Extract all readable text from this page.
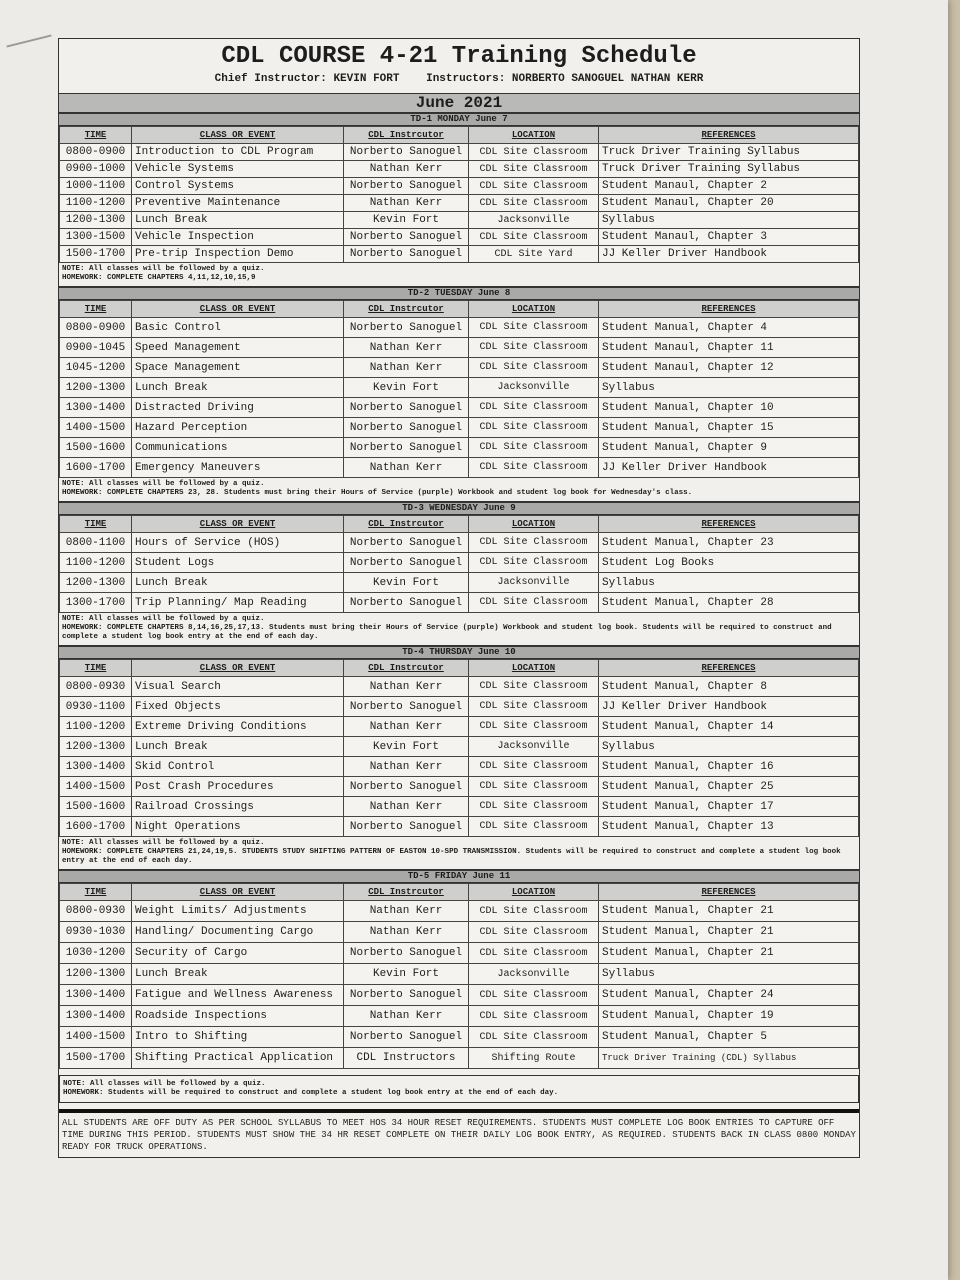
CDL COURSE 4-21 Training Schedule
Chief Instructor: KEVIN FORT Instructors: NORBERTO SANOGUEL NATHAN KERR
June 2021
TD-1 MONDAY June 7
TIME	CLASS OR EVENT	CDL Instrcutor	LOCATION	REFERENCES
0800-0900	Introduction to CDL Program	Norberto Sanoguel	CDL Site Classroom	Truck Driver Training Syllabus
0900-1000	Vehicle Systems	Nathan Kerr	CDL Site Classroom	Truck Driver Training Syllabus
1000-1100	Control Systems	Norberto Sanoguel	CDL Site Classroom	Student Manaul, Chapter 2
1100-1200	Preventive Maintenance	Nathan Kerr	CDL Site Classroom	Student Manaul, Chapter 20
1200-1300	Lunch Break	Kevin Fort	Jacksonville	Syllabus
1300-1500	Vehicle Inspection	Norberto Sanoguel	CDL Site Classroom	Student Manaul, Chapter 3
1500-1700	Pre-trip Inspection Demo	Norberto Sanoguel	CDL Site Yard	JJ Keller Driver Handbook
NOTE: All classes will be followed by a quiz.
HOMEWORK: COMPLETE CHAPTERS 4,11,12,10,15,9
TD-2 TUESDAY June 8
TIME	CLASS OR EVENT	CDL Instrcutor	LOCATION	REFERENCES
0800-0900	Basic Control	Norberto Sanoguel	CDL Site Classroom	Student Manual, Chapter 4
0900-1045	Speed Management	Nathan Kerr	CDL Site Classroom	Student Manaul, Chapter 11
1045-1200	Space Management	Nathan Kerr	CDL Site Classroom	Student Manaul, Chapter 12
1200-1300	Lunch Break	Kevin Fort	Jacksonville	Syllabus
1300-1400	Distracted Driving	Norberto Sanoguel	CDL Site Classroom	Student Manual, Chapter 10
1400-1500	Hazard Perception	Norberto Sanoguel	CDL Site Classroom	Student Manual, Chapter 15
1500-1600	Communications	Norberto Sanoguel	CDL Site Classroom	Student Manual, Chapter 9
1600-1700	Emergency Maneuvers	Nathan Kerr	CDL Site Classroom	JJ Keller Driver Handbook
NOTE: All classes will be followed by a quiz.
HOMEWORK: COMPLETE CHAPTERS 23, 28. Students must bring their Hours of Service (purple) Workbook and student log book for Wednesday's class.
TD-3 WEDNESDAY June 9
TIME	CLASS OR EVENT	CDL Instrcutor	LOCATION	REFERENCES
0800-1100	Hours of Service (HOS)	Norberto Sanoguel	CDL Site Classroom	Student Manual, Chapter 23
1100-1200	Student Logs	Norberto Sanoguel	CDL Site Classroom	Student Log Books
1200-1300	Lunch Break	Kevin Fort	Jacksonville	Syllabus
1300-1700	Trip Planning/ Map Reading	Norberto Sanoguel	CDL Site Classroom	Student Manual, Chapter 28
NOTE: All classes will be followed by a quiz.
HOMEWORK: COMPLETE CHAPTERS 8,14,16,25,17,13. Students must bring their Hours of Service (purple) Workbook and student log book. Students will be required to construct and complete a student log book entry at the end of each day.
TD-4 THURSDAY June 10
TIME	CLASS OR EVENT	CDL Instrcutor	LOCATION	REFERENCES
0800-0930	Visual Search	Nathan Kerr	CDL Site Classroom	Student Manual, Chapter 8
0930-1100	Fixed Objects	Norberto Sanoguel	CDL Site Classroom	JJ Keller Driver Handbook
1100-1200	Extreme Driving Conditions	Nathan Kerr	CDL Site Classroom	Student Manual, Chapter 14
1200-1300	Lunch Break	Kevin Fort	Jacksonville	Syllabus
1300-1400	Skid Control	Nathan Kerr	CDL Site Classroom	Student Manual, Chapter 16
1400-1500	Post Crash Procedures	Norberto Sanoguel	CDL Site Classroom	Student Manual, Chapter 25
1500-1600	Railroad Crossings	Nathan Kerr	CDL Site Classroom	Student Manual, Chapter 17
1600-1700	Night Operations	Norberto Sanoguel	CDL Site Classroom	Student Manual, Chapter 13
NOTE: All classes will be followed by a quiz.
HOMEWORK: COMPLETE CHAPTERS 21,24,19,5. STUDENTS STUDY SHIFTING PATTERN OF EASTON 10-SPD TRANSMISSION. Students will be required to construct and complete a student log book entry at the end of each day.
TD-5 FRIDAY June 11
TIME	CLASS OR EVENT	CDL Instrcutor	LOCATION	REFERENCES
0800-0930	Weight Limits/ Adjustments	Nathan Kerr	CDL Site Classroom	Student Manual, Chapter 21
0930-1030	Handling/ Documenting Cargo	Nathan Kerr	CDL Site Classroom	Student Manual, Chapter 21
1030-1200	Security of Cargo	Norberto Sanoguel	CDL Site Classroom	Student Manual, Chapter 21
1200-1300	Lunch Break	Kevin Fort	Jacksonville	Syllabus
1300-1400	Fatigue and Wellness Awareness	Norberto Sanoguel	CDL Site Classroom	Student Manual, Chapter 24
1300-1400	Roadside Inspections	Nathan Kerr	CDL Site Classroom	Student Manual, Chapter 19
1400-1500	Intro to Shifting	Norberto Sanoguel	CDL Site Classroom	Student Manual, Chapter 5
1500-1700	Shifting Practical Application	CDL Instructors	Shifting Route	Truck Driver Training (CDL) Syllabus
NOTE: All classes will be followed by a quiz.
HOMEWORK: Students will be required to construct and complete a student log book entry at the end of each day.
ALL STUDENTS ARE OFF DUTY AS PER SCHOOL SYLLABUS TO MEET HOS 34 HOUR RESET REQUIREMENTS. STUDENTS MUST COMPLETE LOG BOOK ENTRIES TO CAPTURE OFF TIME DURING THIS PERIOD. STUDENTS MUST SHOW THE 34 HR RESET COMPLETE ON THEIR DAILY LOG BOOK ENTRY, AS REQUIRED. STUDENTS BACK IN CLASS 0800 MONDAY READY FOR TRUCK OPERATIONS.
